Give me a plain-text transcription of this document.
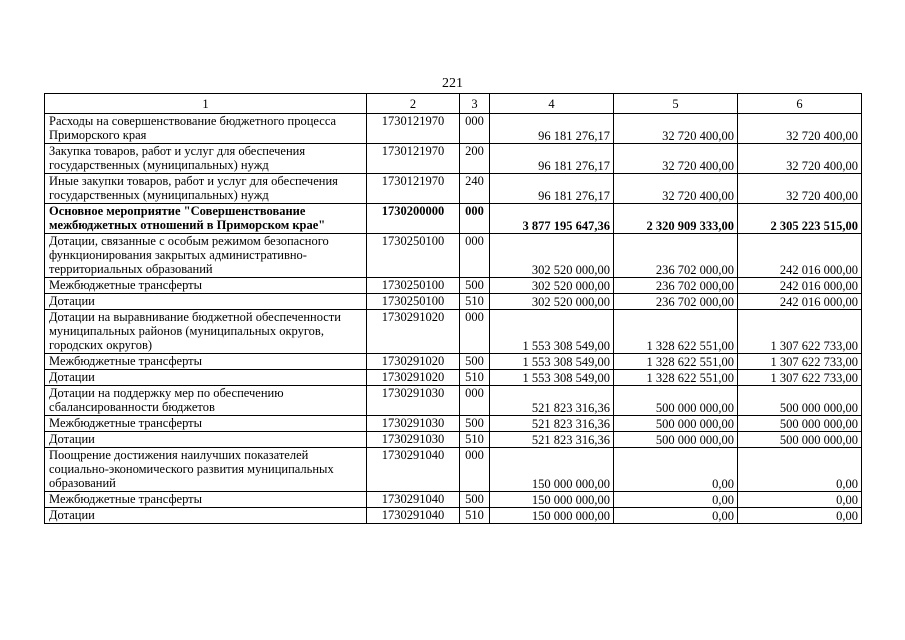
221
1	2	3	4	5	6
Расходы на совершенствование бюджетного процесса Приморского края	1730121970	000	96 181 276,17	32 720 400,00	32 720 400,00
Закупка товаров, работ и услуг для обеспечения государственных (муниципальных) нужд	1730121970	200	96 181 276,17	32 720 400,00	32 720 400,00
Иные закупки товаров, работ и услуг для обеспечения государственных (муниципальных) нужд	1730121970	240	96 181 276,17	32 720 400,00	32 720 400,00
Основное мероприятие "Совершенствование межбюджетных отношений в Приморском крае"	1730200000	000	3 877 195 647,36	2 320 909 333,00	2 305 223 515,00
Дотации, связанные с особым режимом безопасного функционирования закрытых административно-территориальных образований	1730250100	000	302 520 000,00	236 702 000,00	242 016 000,00
Межбюджетные трансферты	1730250100	500	302 520 000,00	236 702 000,00	242 016 000,00
Дотации	1730250100	510	302 520 000,00	236 702 000,00	242 016 000,00
Дотации на выравнивание бюджетной обеспеченности муниципальных районов (муниципальных округов, городских округов)	1730291020	000	1 553 308 549,00	1 328 622 551,00	1 307 622 733,00
Межбюджетные трансферты	1730291020	500	1 553 308 549,00	1 328 622 551,00	1 307 622 733,00
Дотации	1730291020	510	1 553 308 549,00	1 328 622 551,00	1 307 622 733,00
Дотации на поддержку мер по обеспечению сбалансированности бюджетов	1730291030	000	521 823 316,36	500 000 000,00	500 000 000,00
Межбюджетные трансферты	1730291030	500	521 823 316,36	500 000 000,00	500 000 000,00
Дотации	1730291030	510	521 823 316,36	500 000 000,00	500 000 000,00
Поощрение достижения наилучших показателей социально-экономического развития муниципальных образований	1730291040	000	150 000 000,00	0,00	0,00
Межбюджетные трансферты	1730291040	500	150 000 000,00	0,00	0,00
Дотации	1730291040	510	150 000 000,00	0,00	0,00
